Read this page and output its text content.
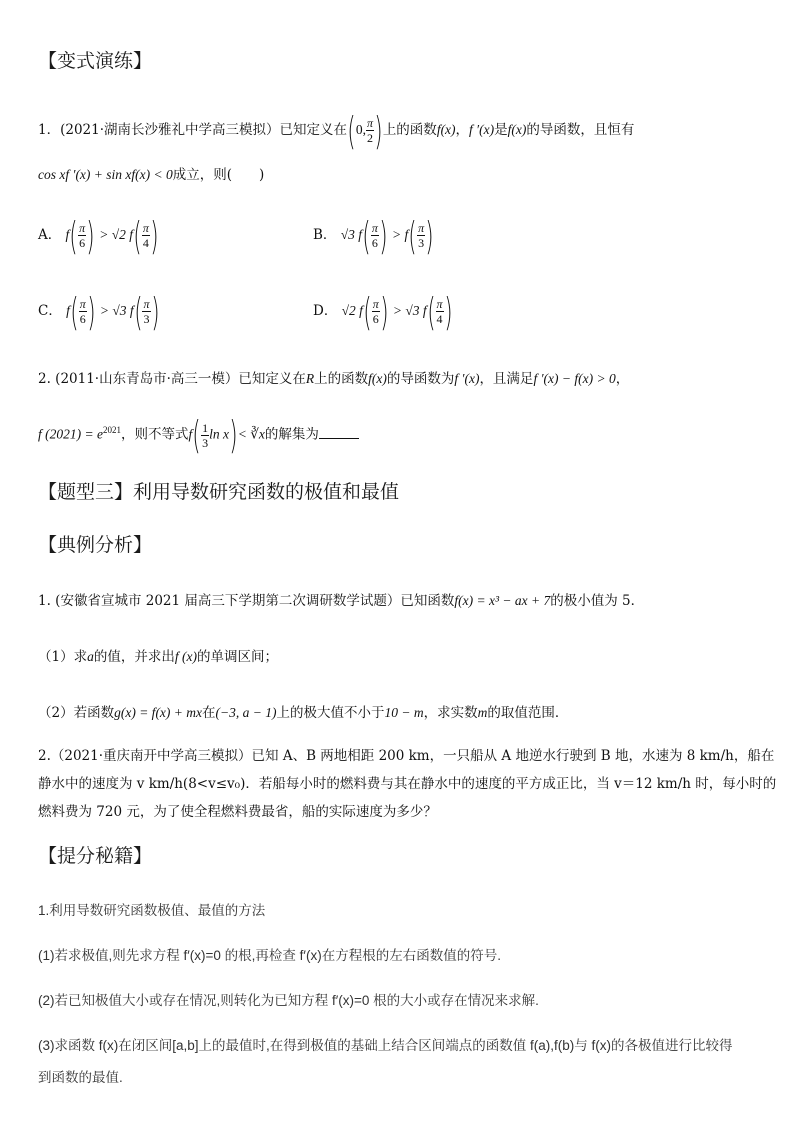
【变式演练】
1．(2021·湖南长沙雅礼中学高三模拟）已知定义在(0, $\frac{\pi}{2}$ )上的函数f(x)，f ′(x)是f(x)的导函数，且恒有
cos xf ′(x) + sin xf(x) < 0成立，则(　　)
A． $f( \frac{\pi}{6}$ ) > √2 $f( \frac{\pi}{4}$ )	B． √3 $f( \frac{\pi}{6}$ ) > $f( \frac{\pi}{3}$ )
C． $f( \frac{\pi}{6}$ ) > √3 $f( \frac{\pi}{3}$ )	D． √2 $f( \frac{\pi}{6}$ ) > √3 $f( \frac{\pi}{4}$ )
2. (2011·山东青岛市·高三一模）已知定义在R上的函数f(x)的导函数为f ′(x)，且满足f ′(x) − f(x) > 0，
f $(2021) = e^{2021}$，则不等式$f( \frac{1}{3}$ ln x)< ∛x的解集为
【题型三】利用导数研究函数的极值和最值
【典例分析】
1. (安徽省宣城市 2021 届高三下学期第二次调研数学试题）已知函数f(x) = x³ − ax + 7的极小值为 5．
（1）求a的值，并求出f (x)的单调区间；
（2）若函数g(x) = f(x) + mx在(−3, a − 1)上的极大值不小于10 − m，求实数m的取值范围．
2.（2021·重庆南开中学高三模拟）已知 A、B 两地相距 200 km，一只船从 A 地逆水行驶到 B 地，水速为 8 km/h，船在
静水中的速度为 v km/h(8<v≤v₀)．若船每小时的燃料费与其在静水中的速度的平方成正比，当 v＝12 km/h 时，每小时的
燃料费为 720 元，为了使全程燃料费最省，船的实际速度为多少？
【提分秘籍】
1.利用导数研究函数极值、最值的方法
(1)若求极值,则先求方程 f′(x)=0 的根,再检查 f′(x)在方程根的左右函数值的符号.
(2)若已知极值大小或存在情况,则转化为已知方程 f′(x)=0 根的大小或存在情况来求解.
(3)求函数 f(x)在闭区间[a,b]上的最值时,在得到极值的基础上结合区间端点的函数值 f(a),f(b)与 f(x)的各极值进行比较得
到函数的最值.
